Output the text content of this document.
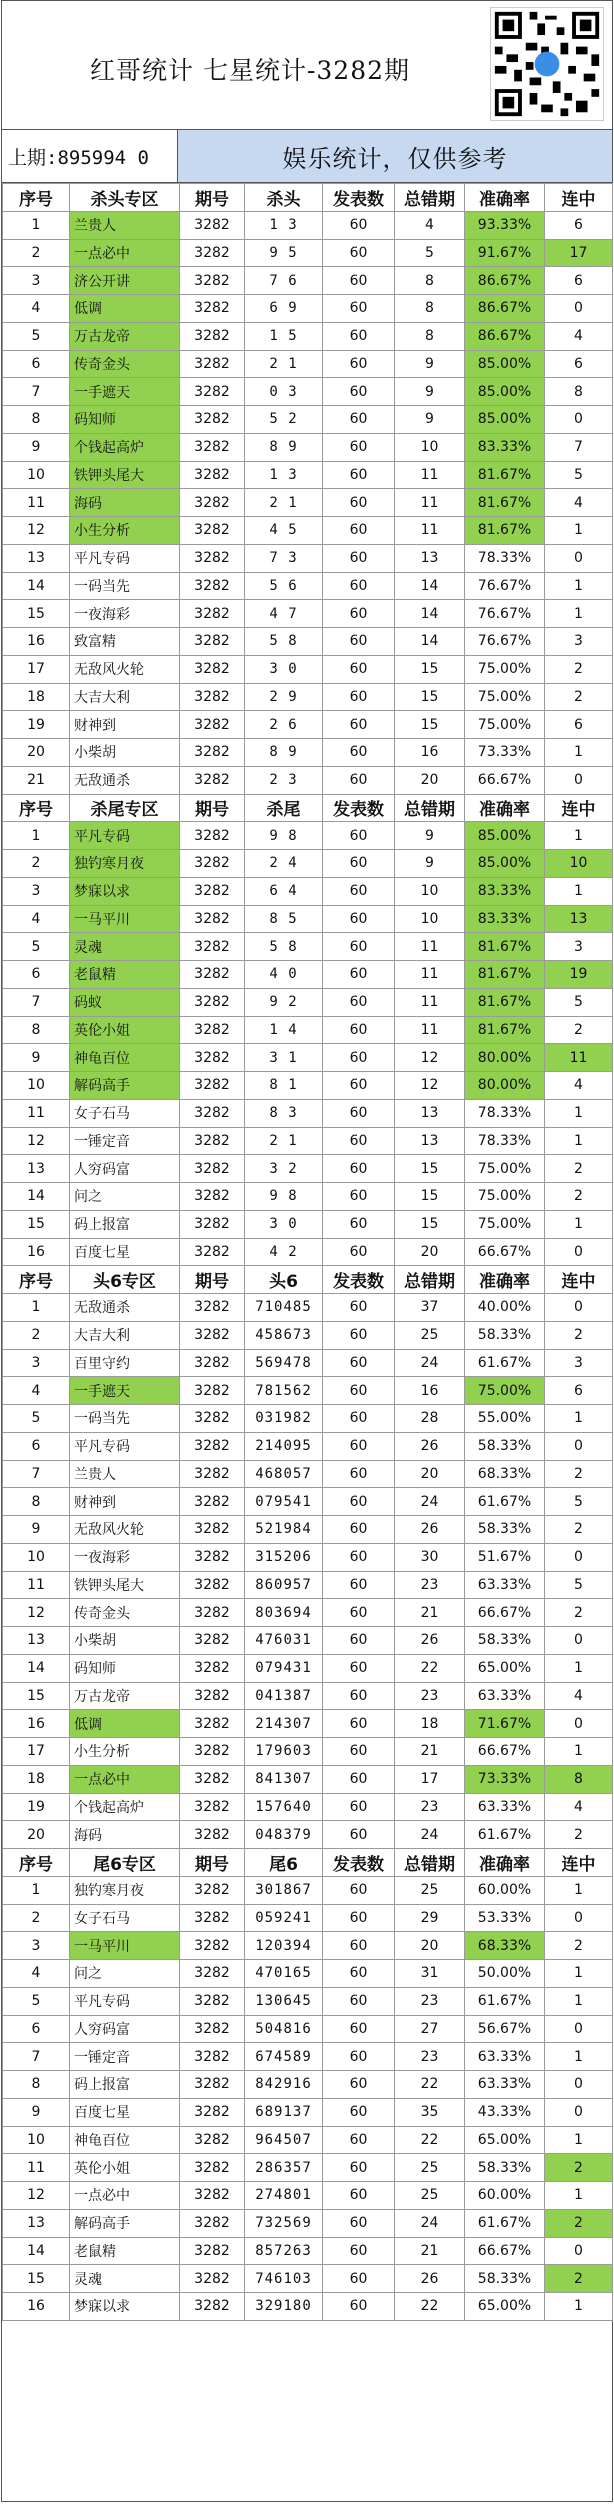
红哥统计 七星统计-3282期
上期:895994 0	娱乐统计，仅供参考
序号	杀头专区	期号	杀头	发表数	总错期	准确率	连中
1	兰贵人	3282	1 3	60	4	93.33%	6
2	一点必中	3282	9 5	60	5	91.67%	17
3	济公开讲	3282	7 6	60	8	86.67%	6
4	低调	3282	6 9	60	8	86.67%	0
5	万古龙帝	3282	1 5	60	8	86.67%	4
6	传奇金头	3282	2 1	60	9	85.00%	6
7	一手遮天	3282	0 3	60	9	85.00%	8
8	码知师	3282	5 2	60	9	85.00%	0
9	个钱起高炉	3282	8 9	60	10	83.33%	7
10	铁钾头尾大	3282	1 3	60	11	81.67%	5
11	海码	3282	2 1	60	11	81.67%	4
12	小生分析	3282	4 5	60	11	81.67%	1
13	平凡专码	3282	7 3	60	13	78.33%	0
14	一码当先	3282	5 6	60	14	76.67%	1
15	一夜海彩	3282	4 7	60	14	76.67%	1
16	致富精	3282	5 8	60	14	76.67%	3
17	无敌风火轮	3282	3 0	60	15	75.00%	2
18	大吉大利	3282	2 9	60	15	75.00%	2
19	财神到	3282	2 6	60	15	75.00%	6
20	小柴胡	3282	8 9	60	16	73.33%	1
21	无敌通杀	3282	2 3	60	20	66.67%	0
序号	杀尾专区	期号	杀尾	发表数	总错期	准确率	连中
1	平凡专码	3282	9 8	60	9	85.00%	1
2	独钓寒月夜	3282	2 4	60	9	85.00%	10
3	梦寐以求	3282	6 4	60	10	83.33%	1
4	一马平川	3282	8 5	60	10	83.33%	13
5	灵魂	3282	5 8	60	11	81.67%	3
6	老鼠精	3282	4 0	60	11	81.67%	19
7	码蚁	3282	9 2	60	11	81.67%	5
8	英伦小姐	3282	1 4	60	11	81.67%	2
9	神龟百位	3282	3 1	60	12	80.00%	11
10	解码高手	3282	8 1	60	12	80.00%	4
11	女子石马	3282	8 3	60	13	78.33%	1
12	一锤定音	3282	2 1	60	13	78.33%	1
13	人穷码富	3282	3 2	60	15	75.00%	2
14	问之	3282	9 8	60	15	75.00%	2
15	码上报富	3282	3 0	60	15	75.00%	1
16	百度七星	3282	4 2	60	20	66.67%	0
序号	头6专区	期号	头6	发表数	总错期	准确率	连中
1	无敌通杀	3282	710485	60	37	40.00%	0
2	大吉大利	3282	458673	60	25	58.33%	2
3	百里守约	3282	569478	60	24	61.67%	3
4	一手遮天	3282	781562	60	16	75.00%	6
5	一码当先	3282	031982	60	28	55.00%	1
6	平凡专码	3282	214095	60	26	58.33%	0
7	兰贵人	3282	468057	60	20	68.33%	2
8	财神到	3282	079541	60	24	61.67%	5
9	无敌风火轮	3282	521984	60	26	58.33%	2
10	一夜海彩	3282	315206	60	30	51.67%	0
11	铁钾头尾大	3282	860957	60	23	63.33%	5
12	传奇金头	3282	803694	60	21	66.67%	2
13	小柴胡	3282	476031	60	26	58.33%	0
14	码知师	3282	079431	60	22	65.00%	1
15	万古龙帝	3282	041387	60	23	63.33%	4
16	低调	3282	214307	60	18	71.67%	0
17	小生分析	3282	179603	60	21	66.67%	1
18	一点必中	3282	841307	60	17	73.33%	8
19	个钱起高炉	3282	157640	60	23	63.33%	4
20	海码	3282	048379	60	24	61.67%	2
序号	尾6专区	期号	尾6	发表数	总错期	准确率	连中
1	独钓寒月夜	3282	301867	60	25	60.00%	1
2	女子石马	3282	059241	60	29	53.33%	0
3	一马平川	3282	120394	60	20	68.33%	2
4	问之	3282	470165	60	31	50.00%	1
5	平凡专码	3282	130645	60	23	61.67%	1
6	人穷码富	3282	504816	60	27	56.67%	0
7	一锤定音	3282	674589	60	23	63.33%	1
8	码上报富	3282	842916	60	22	63.33%	0
9	百度七星	3282	689137	60	35	43.33%	0
10	神龟百位	3282	964507	60	22	65.00%	1
11	英伦小姐	3282	286357	60	25	58.33%	2
12	一点必中	3282	274801	60	25	60.00%	1
13	解码高手	3282	732569	60	24	61.67%	2
14	老鼠精	3282	857263	60	21	66.67%	0
15	灵魂	3282	746103	60	26	58.33%	2
16	梦寐以求	3282	329180	60	22	65.00%	1
